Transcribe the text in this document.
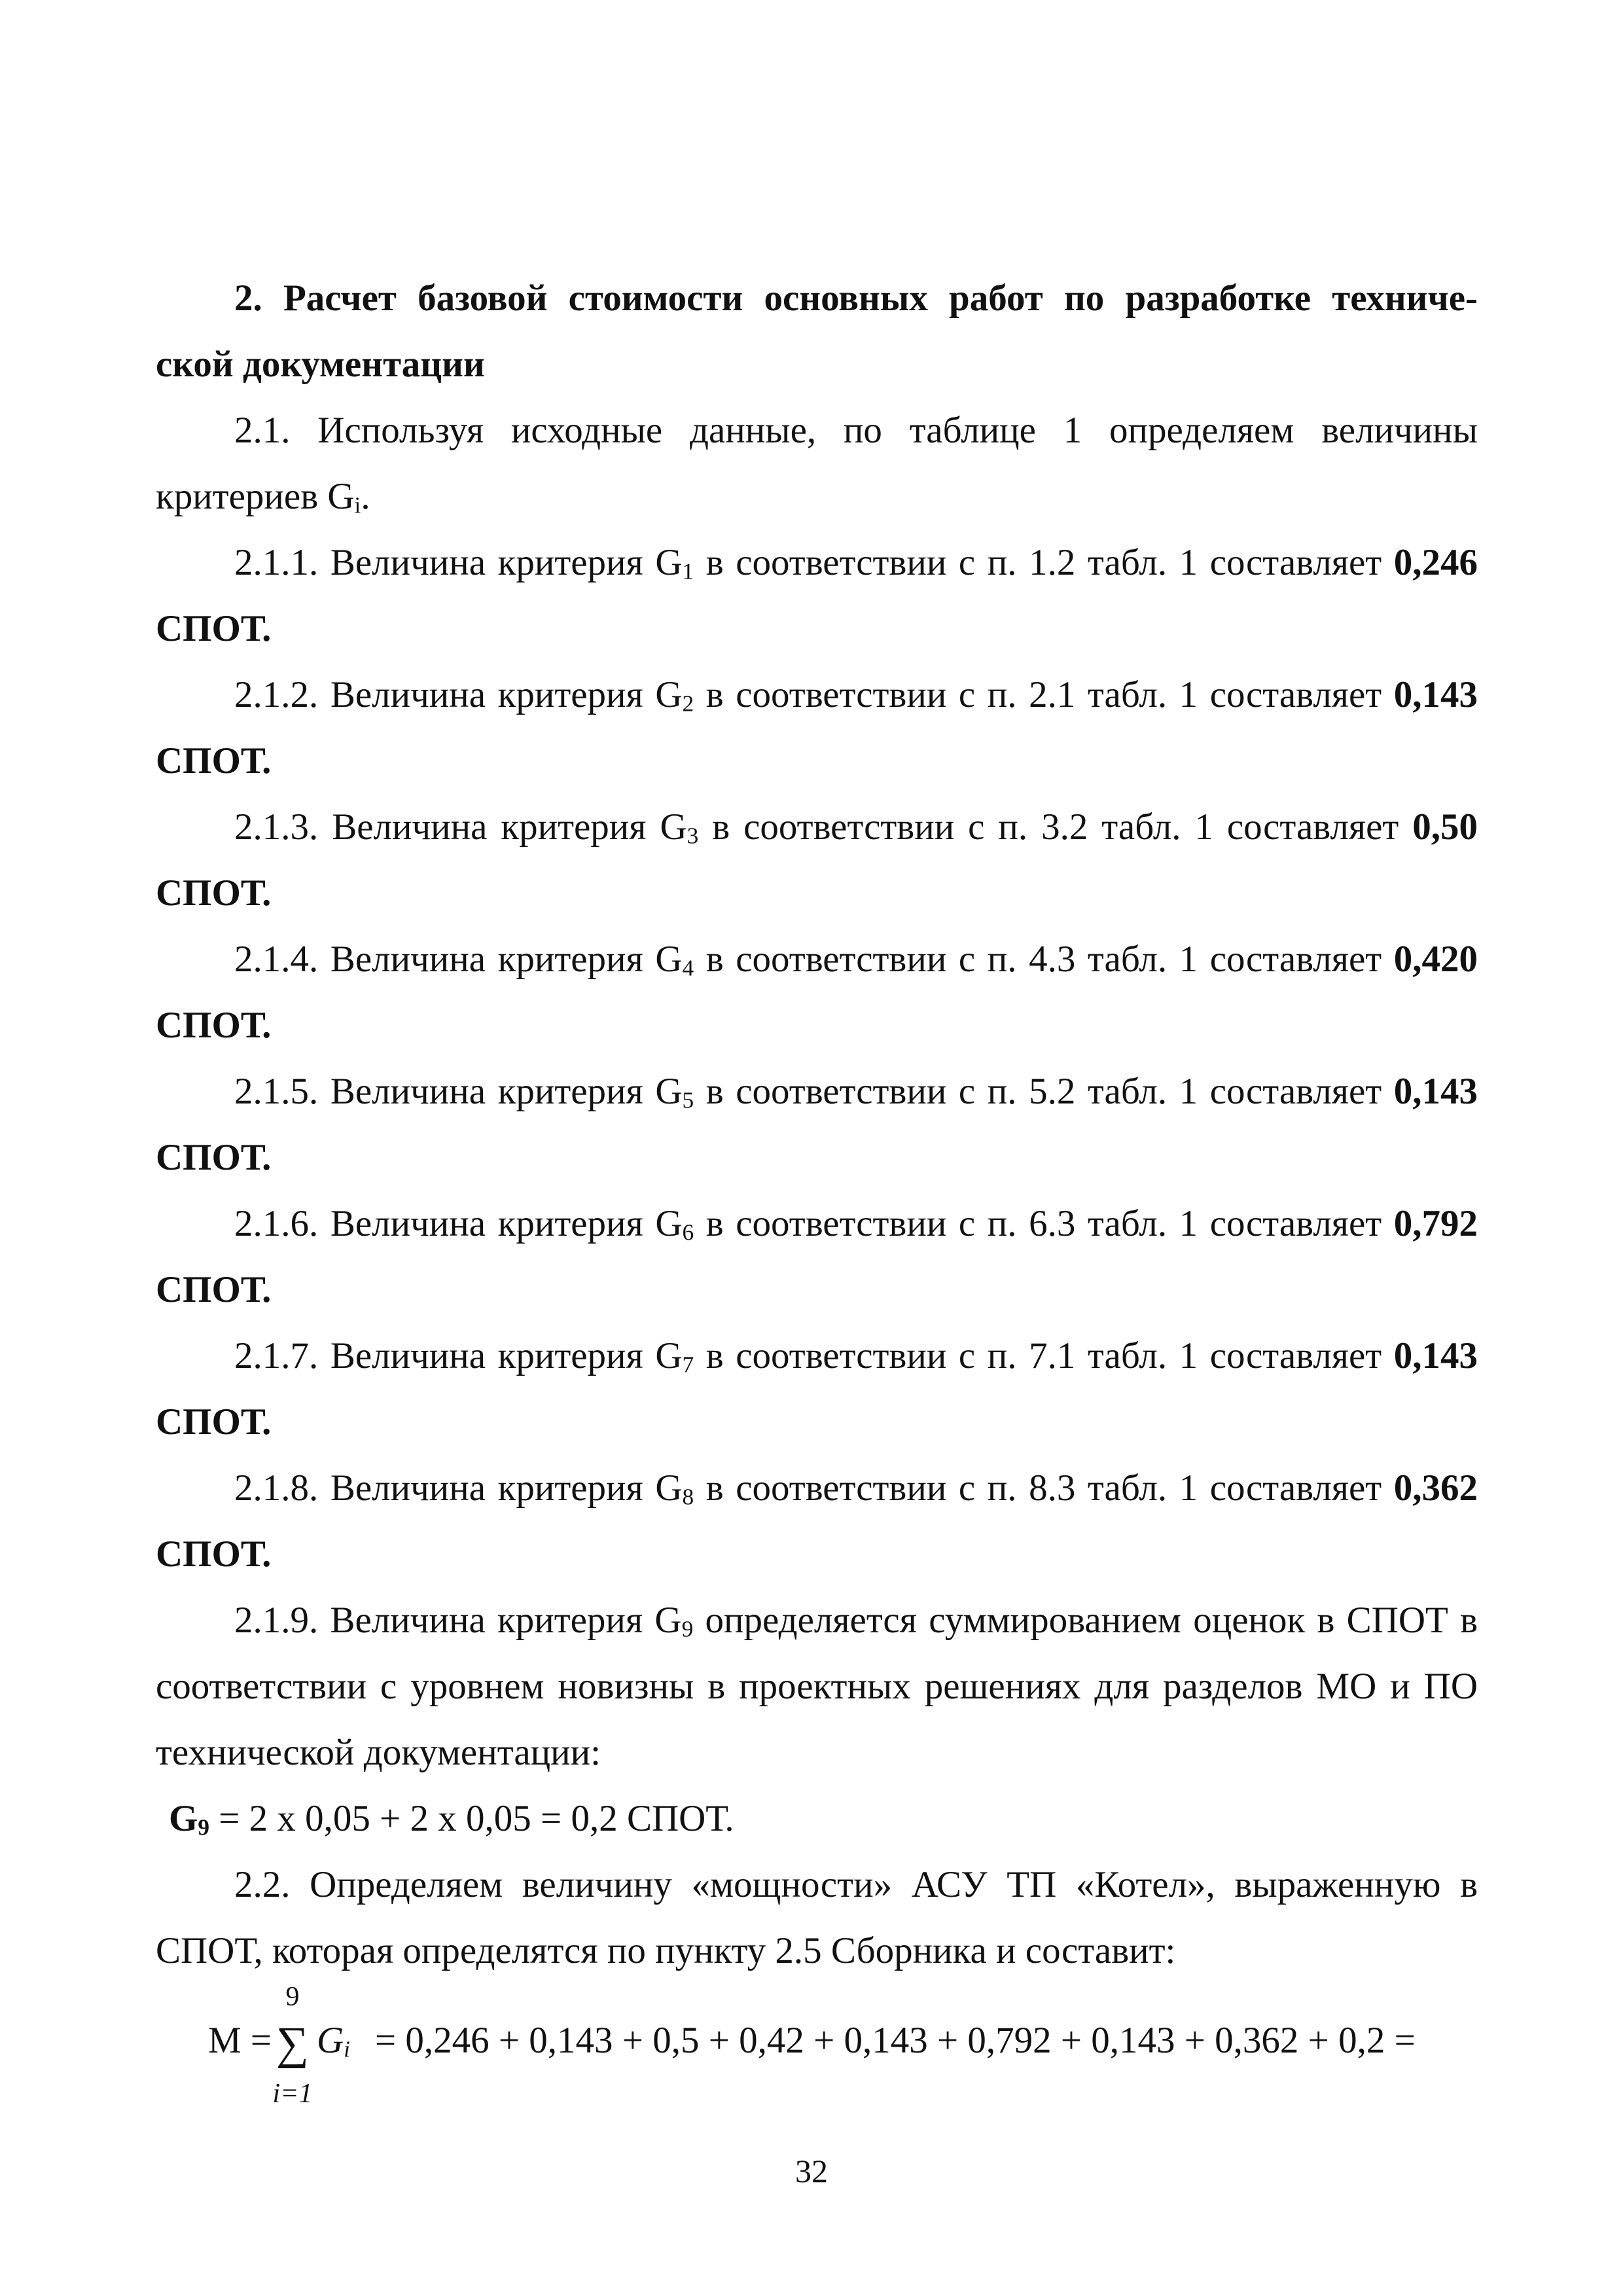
2. Расчет базовой стоимости основных работ по разработке техниче-

ской документации

2.1. Используя исходные данные, по таблице 1 определяем величины критериев $G_i$.

2.1.1. Величина критерия $G_1$ в соответствии с п. 1.2 табл. 1 составляет 0,246 СПОТ.

2.1.2. Величина критерия $G_2$ в соответствии с п. 2.1 табл. 1 составляет 0,143 СПОТ.

2.1.3. Величина критерия $G_3$ в соответствии с п. 3.2 табл. 1 составляет 0,50 СПОТ.

2.1.4. Величина критерия $G_4$ в соответствии с п. 4.3 табл. 1 составляет 0,420 СПОТ.

2.1.5. Величина критерия $G_5$ в соответствии с п. 5.2 табл. 1 составляет 0,143 СПОТ.

2.1.6. Величина критерия $G_6$ в соответствии с п. 6.3 табл. 1 составляет 0,792 СПОТ.

2.1.7. Величина критерия $G_7$ в соответствии с п. 7.1 табл. 1 составляет 0,143 СПОТ.

2.1.8. Величина критерия $G_8$ в соответствии с п. 8.3 табл. 1 составляет 0,362 СПОТ.

2.1.9. Величина критерия $G_9$ определяется суммированием оценок в СПОТ в соответствии с уровнем новизны в проектных решениях для разделов МО и ПО технической документации:

$G_9 = 2$ х 0,05 + 2 х 0,05 = 0,2 СПОТ.

2.2. Определяем величину «мощности» АСУ ТП «Котел», выраженную в СПОТ, которая определятся по пункту 2.5 Сборника и составит:

М =
9
∑
i=1
$G_i = 0,246 + 0,143 + 0,5 + 0,42 + 0,143 + 0,792 + 0,143 + 0,362 + 0,2$ =
32
